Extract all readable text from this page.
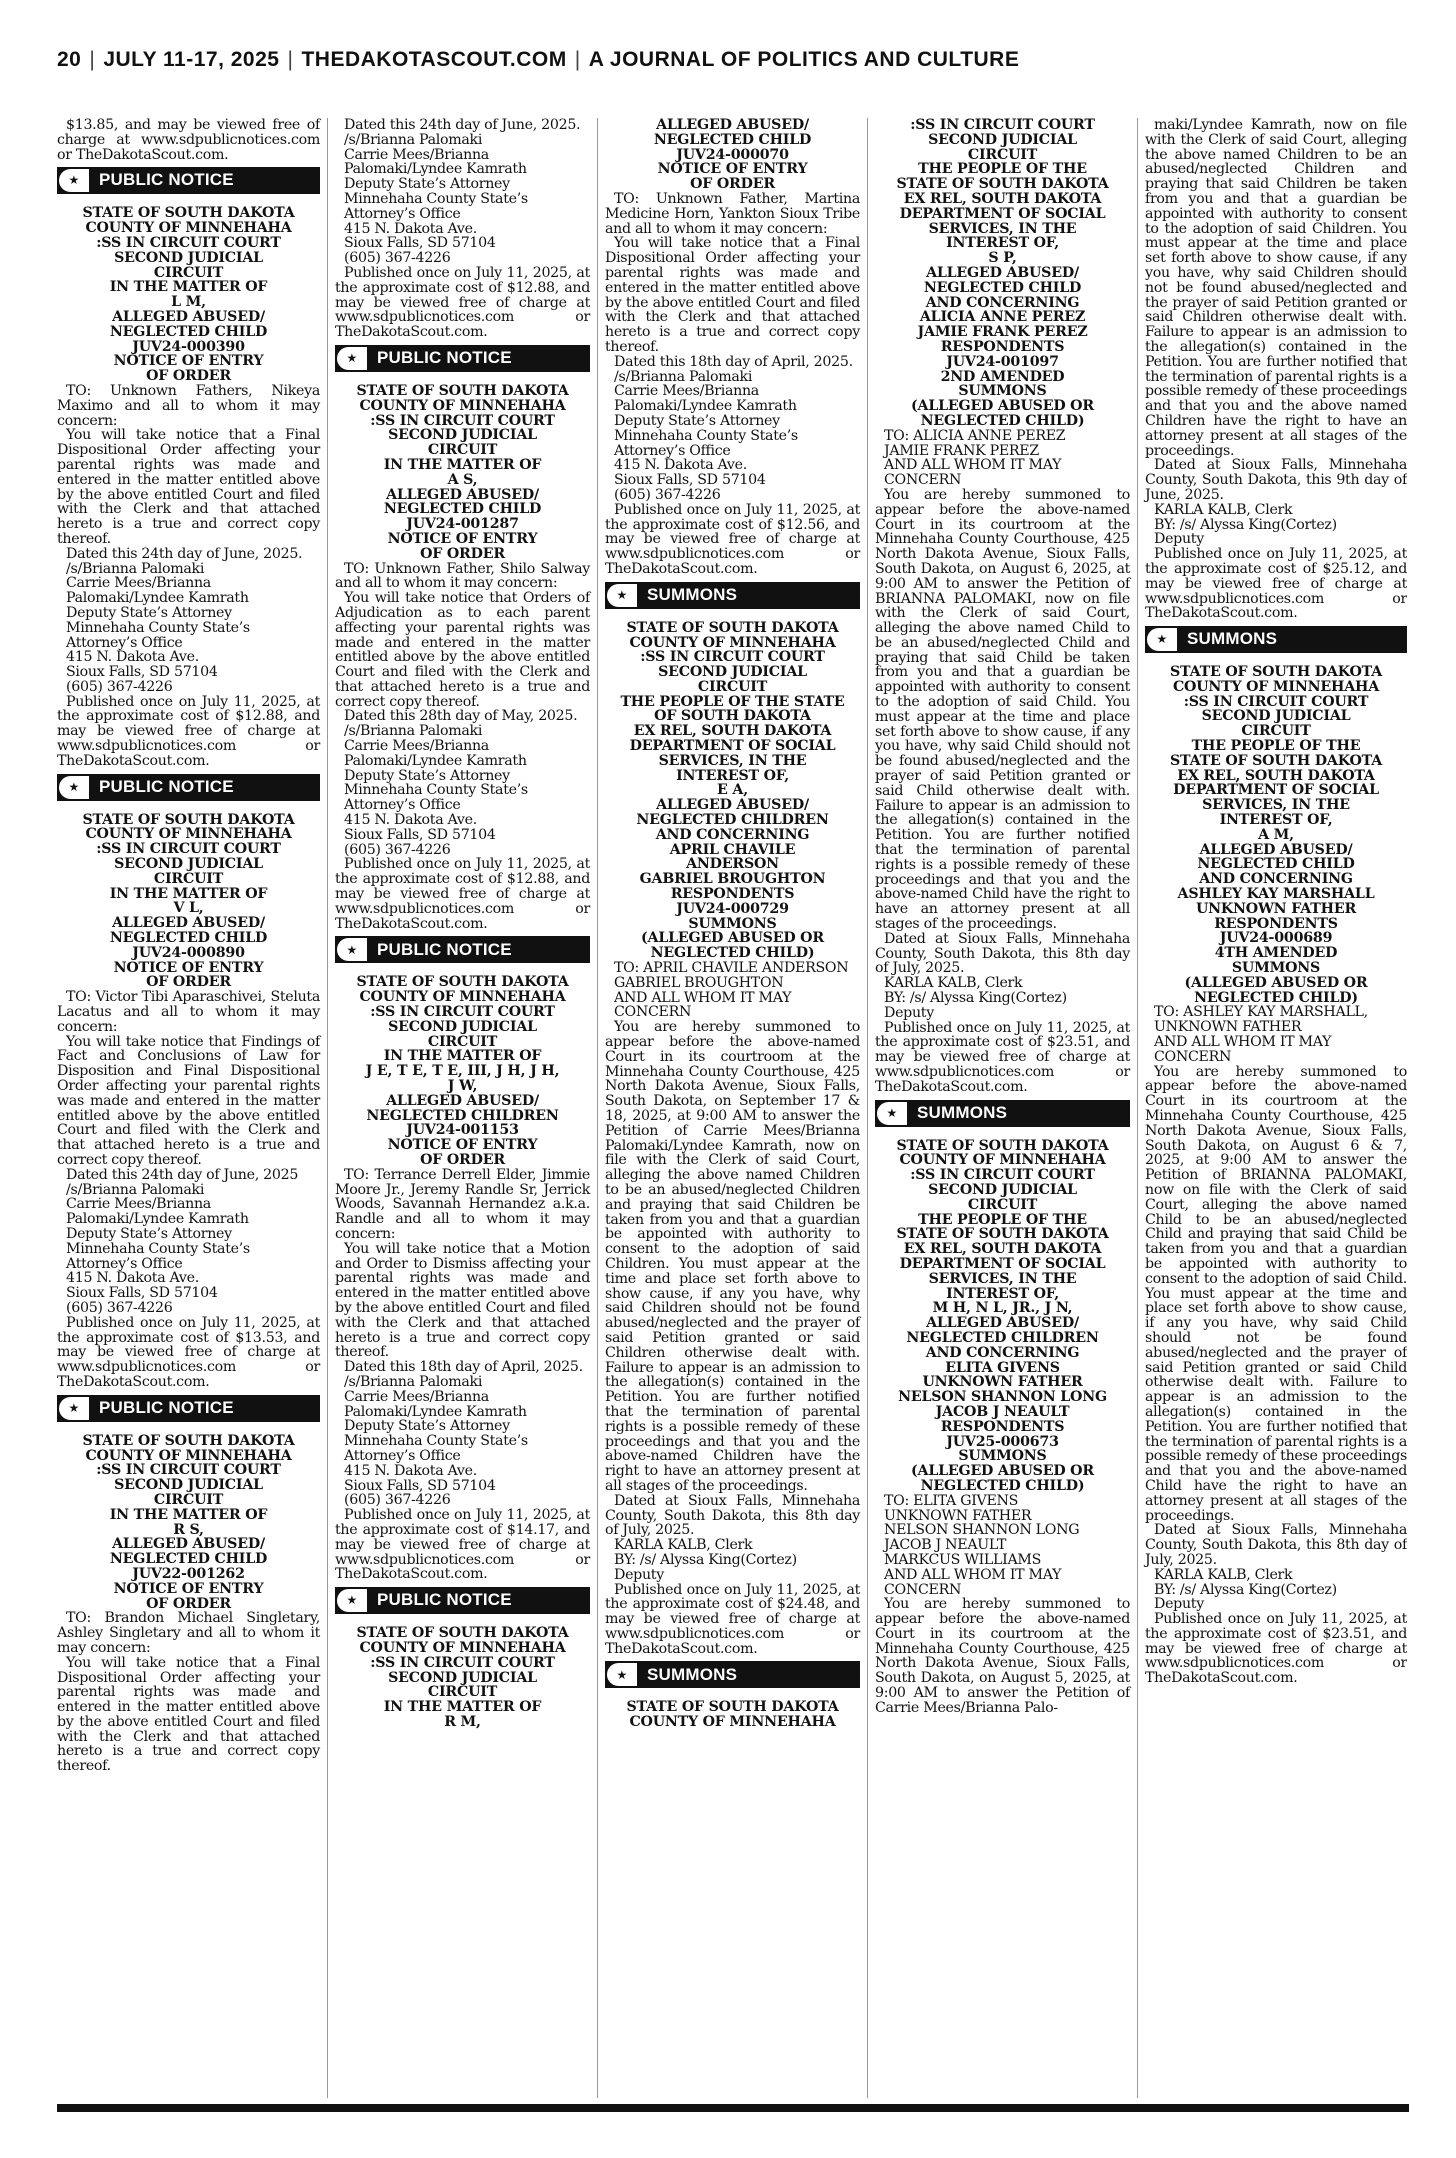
20 | JULY 11-17, 2025 | THEDAKOTASCOUT.COM | A JOURNAL OF POLITICS AND CULTURE
$13.85, and may be viewed free of charge at www.sdpublicnotices.com or TheDakotaScout.com.
★	PUBLIC NOTICE
STATE OF SOUTH DAKOTA
COUNTY OF MINNEHAHA
:SS IN CIRCUIT COURT
SECOND JUDICIAL
CIRCUIT
IN THE MATTER OF
L M,
ALLEGED ABUSED/
NEGLECTED CHILD
JUV24-000390
NOTICE OF ENTRY
OF ORDER
TO: Unknown Fathers, Nikeya Maximo and all to whom it may concern:
You will take notice that a Final Dispositional Order affecting your parental rights was made and entered in the matter entitled above by the above entitled Court and filed with the Clerk and that attached hereto is a true and correct copy thereof.
Dated this 24th day of June, 2025.
/s/Brianna Palomaki
Carrie Mees/Brianna Palomaki/Lyndee Kamrath
Deputy State’s Attorney
Minnehaha County State’s Attorney’s Office
415 N. Dakota Ave.
Sioux Falls, SD 57104
(605) 367-4226
Published once on July 11, 2025, at the approximate cost of $12.88, and may be viewed free of charge at www.sdpublicnotices.com or TheDakotaScout.com.
★	PUBLIC NOTICE
STATE OF SOUTH DAKOTA
COUNTY OF MINNEHAHA
:SS IN CIRCUIT COURT
SECOND JUDICIAL
CIRCUIT
IN THE MATTER OF
V L,
ALLEGED ABUSED/
NEGLECTED CHILD
JUV24-000890
NOTICE OF ENTRY
OF ORDER
TO: Victor Tibi Aparaschivei, Steluta Lacatus and all to whom it may concern:
You will take notice that Findings of Fact and Conclusions of Law for Disposition and Final Dispositional Order affecting your parental rights was made and entered in the matter entitled above by the above entitled Court and filed with the Clerk and that attached hereto is a true and correct copy thereof.
Dated this 24th day of June, 2025
/s/Brianna Palomaki
Carrie Mees/Brianna Palomaki/Lyndee Kamrath
Deputy State’s Attorney
Minnehaha County State’s Attorney’s Office
415 N. Dakota Ave.
Sioux Falls, SD 57104
(605) 367-4226
Published once on July 11, 2025, at the approximate cost of $13.53, and may be viewed free of charge at www.sdpublicnotices.com or TheDakotaScout.com.
★	PUBLIC NOTICE
STATE OF SOUTH DAKOTA
COUNTY OF MINNEHAHA
:SS IN CIRCUIT COURT
SECOND JUDICIAL
CIRCUIT
IN THE MATTER OF
R S,
ALLEGED ABUSED/
NEGLECTED CHILD
JUV22-001262
NOTICE OF ENTRY
OF ORDER
TO: Brandon Michael Singletary, Ashley Singletary and all to whom it may concern:
You will take notice that a Final Dispositional Order affecting your parental rights was made and entered in the matter entitled above by the above entitled Court and filed with the Clerk and that attached hereto is a true and correct copy thereof.
Dated this 24th day of June, 2025.
/s/Brianna Palomaki
Carrie Mees/Brianna Palomaki/Lyndee Kamrath
Deputy State’s Attorney
Minnehaha County State’s Attorney’s Office
415 N. Dakota Ave.
Sioux Falls, SD 57104
(605) 367-4226
Published once on July 11, 2025, at the approximate cost of $12.88, and may be viewed free of charge at www.sdpublicnotices.com or TheDakotaScout.com.
★	PUBLIC NOTICE
STATE OF SOUTH DAKOTA
COUNTY OF MINNEHAHA
:SS IN CIRCUIT COURT
SECOND JUDICIAL
CIRCUIT
IN THE MATTER OF
A S,
ALLEGED ABUSED/
NEGLECTED CHILD
JUV24-001287
NOTICE OF ENTRY
OF ORDER
TO: Unknown Father, Shilo Salway and all to whom it may concern:
You will take notice that Orders of Adjudication as to each parent affecting your parental rights was made and entered in the matter entitled above by the above entitled Court and filed with the Clerk and that attached hereto is a true and correct copy thereof.
Dated this 28th day of May, 2025.
/s/Brianna Palomaki
Carrie Mees/Brianna Palomaki/Lyndee Kamrath
Deputy State’s Attorney
Minnehaha County State’s Attorney’s Office
415 N. Dakota Ave.
Sioux Falls, SD 57104
(605) 367-4226
Published once on July 11, 2025, at the approximate cost of $12.88, and may be viewed free of charge at www.sdpublicnotices.com or TheDakotaScout.com.
★	PUBLIC NOTICE
STATE OF SOUTH DAKOTA
COUNTY OF MINNEHAHA
:SS IN CIRCUIT COURT
SECOND JUDICIAL
CIRCUIT
IN THE MATTER OF
J E, T E, T E, III, J H, J H,
J W,
ALLEGED ABUSED/
NEGLECTED CHILDREN
JUV24-001153
NOTICE OF ENTRY
OF ORDER
TO: Terrance Derrell Elder, Jimmie Moore Jr., Jeremy Randle Sr, Jerrick Woods, Savannah Hernandez a.k.a. Randle and all to whom it may concern:
You will take notice that a Motion and Order to Dismiss affecting your parental rights was made and entered in the matter entitled above by the above entitled Court and filed with the Clerk and that attached hereto is a true and correct copy thereof.
Dated this 18th day of April, 2025.
/s/Brianna Palomaki
Carrie Mees/Brianna Palomaki/Lyndee Kamrath
Deputy State’s Attorney
Minnehaha County State’s Attorney’s Office
415 N. Dakota Ave.
Sioux Falls, SD 57104
(605) 367-4226
Published once on July 11, 2025, at the approximate cost of $14.17, and may be viewed free of charge at www.sdpublicnotices.com or TheDakotaScout.com.
★	PUBLIC NOTICE
STATE OF SOUTH DAKOTA
COUNTY OF MINNEHAHA
:SS IN CIRCUIT COURT
SECOND JUDICIAL
CIRCUIT
IN THE MATTER OF
R M,
ALLEGED ABUSED/
NEGLECTED CHILD
JUV24-000070
NOTICE OF ENTRY
OF ORDER
TO: Unknown Father, Martina Medicine Horn, Yankton Sioux Tribe and all to whom it may concern:
You will take notice that a Final Dispositional Order affecting your parental rights was made and entered in the matter entitled above by the above entitled Court and filed with the Clerk and that attached hereto is a true and correct copy thereof.
Dated this 18th day of April, 2025.
/s/Brianna Palomaki
Carrie Mees/Brianna Palomaki/Lyndee Kamrath
Deputy State’s Attorney
Minnehaha County State’s Attorney’s Office
415 N. Dakota Ave.
Sioux Falls, SD 57104
(605) 367-4226
Published once on July 11, 2025, at the approximate cost of $12.56, and may be viewed free of charge at www.sdpublicnotices.com or TheDakotaScout.com.
★	SUMMONS
STATE OF SOUTH DAKOTA
COUNTY OF MINNEHAHA
:SS IN CIRCUIT COURT
SECOND JUDICIAL
CIRCUIT
THE PEOPLE OF THE STATE
OF SOUTH DAKOTA
EX REL, SOUTH DAKOTA
DEPARTMENT OF SOCIAL
SERVICES, IN THE
INTEREST OF,
E A,
ALLEGED ABUSED/
NEGLECTED CHILDREN
AND CONCERNING
APRIL CHAVILE
ANDERSON
GABRIEL BROUGHTON
RESPONDENTS
JUV24-000729
SUMMONS
(ALLEGED ABUSED OR
NEGLECTED CHILD)
TO: APRIL CHAVILE ANDERSON
GABRIEL BROUGHTON
AND ALL WHOM IT MAY CONCERN
You are hereby summoned to appear before the above-named Court in its courtroom at the Minnehaha County Courthouse, 425 North Dakota Avenue, Sioux Falls, South Dakota, on September 17 & 18, 2025, at 9:00 AM to answer the Petition of Carrie Mees/Brianna Palomaki/Lyndee Kamrath, now on file with the Clerk of said Court, alleging the above named Children to be an abused/neglected Children and praying that said Children be taken from you and that a guardian be appointed with authority to consent to the adoption of said Children. You must appear at the time and place set forth above to show cause, if any you have, why said Children should not be found abused/neglected and the prayer of said Petition granted or said Children otherwise dealt with. Failure to appear is an admission to the allegation(s) contained in the Petition. You are further notified that the termination of parental rights is a possible remedy of these proceedings and that you and the above-named Children have the right to have an attorney present at all stages of the proceedings.
Dated at Sioux Falls, Minnehaha County, South Dakota, this 8th day of July, 2025.
KARLA KALB, Clerk
BY: /s/ Alyssa King(Cortez)
Deputy
Published once on July 11, 2025, at the approximate cost of $24.48, and may be viewed free of charge at www.sdpublicnotices.com or TheDakotaScout.com.
★	SUMMONS
STATE OF SOUTH DAKOTA
COUNTY OF MINNEHAHA
:SS IN CIRCUIT COURT
SECOND JUDICIAL
CIRCUIT
THE PEOPLE OF THE
STATE OF SOUTH DAKOTA
EX REL, SOUTH DAKOTA
DEPARTMENT OF SOCIAL
SERVICES, IN THE
INTEREST OF,
S P,
ALLEGED ABUSED/
NEGLECTED CHILD
AND CONCERNING
ALICIA ANNE PEREZ
JAMIE FRANK PEREZ
RESPONDENTS
JUV24-001097
2ND AMENDED
SUMMONS
(ALLEGED ABUSED OR
NEGLECTED CHILD)
TO: ALICIA ANNE PEREZ
JAMIE FRANK PEREZ
AND ALL WHOM IT MAY CONCERN
You are hereby summoned to appear before the above-named Court in its courtroom at the Minnehaha County Courthouse, 425 North Dakota Avenue, Sioux Falls, South Dakota, on August 6, 2025, at 9:00 AM to answer the Petition of BRIANNA PALOMAKI, now on file with the Clerk of said Court, alleging the above named Child to be an abused/neglected Child and praying that said Child be taken from you and that a guardian be appointed with authority to consent to the adoption of said Child. You must appear at the time and place set forth above to show cause, if any you have, why said Child should not be found abused/neglected and the prayer of said Petition granted or said Child otherwise dealt with. Failure to appear is an admission to the allegation(s) contained in the Petition. You are further notified that the termination of parental rights is a possible remedy of these proceedings and that you and the above-named Child have the right to have an attorney present at all stages of the proceedings.
Dated at Sioux Falls, Minnehaha County, South Dakota, this 8th day of July, 2025.
KARLA KALB, Clerk
BY: /s/ Alyssa King(Cortez)
Deputy
Published once on July 11, 2025, at the approximate cost of $23.51, and may be viewed free of charge at www.sdpublicnotices.com or TheDakotaScout.com.
★	SUMMONS
STATE OF SOUTH DAKOTA
COUNTY OF MINNEHAHA
:SS IN CIRCUIT COURT
SECOND JUDICIAL
CIRCUIT
THE PEOPLE OF THE
STATE OF SOUTH DAKOTA
EX REL, SOUTH DAKOTA
DEPARTMENT OF SOCIAL
SERVICES, IN THE
INTEREST OF,
M H, N L, JR., J N,
ALLEGED ABUSED/
NEGLECTED CHILDREN
AND CONCERNING
ELITA GIVENS
UNKNOWN FATHER
NELSON SHANNON LONG
JACOB J NEAULT
RESPONDENTS
JUV25-000673
SUMMONS
(ALLEGED ABUSED OR
NEGLECTED CHILD)
TO: ELITA GIVENS
UNKNOWN FATHER
NELSON SHANNON LONG
JACOB J NEAULT
MARKCUS WILLIAMS
AND ALL WHOM IT MAY CONCERN
You are hereby summoned to appear before the above-named Court in its courtroom at the Minnehaha County Courthouse, 425 North Dakota Avenue, Sioux Falls, South Dakota, on August 5, 2025, at 9:00 AM to answer the Petition of Carrie Mees/Brianna Palo-
maki/Lyndee Kamrath, now on file with the Clerk of said Court, alleging the above named Children to be an abused/neglected Children and praying that said Children be taken from you and that a guardian be appointed with authority to consent to the adoption of said Children. You must appear at the time and place set forth above to show cause, if any you have, why said Children should not be found abused/neglected and the prayer of said Petition granted or said Children otherwise dealt with. Failure to appear is an admission to the allegation(s) contained in the Petition. You are further notified that the termination of parental rights is a possible remedy of these proceedings and that you and the above named Children have the right to have an attorney present at all stages of the proceedings.
Dated at Sioux Falls, Minnehaha County, South Dakota, this 9th day of June, 2025.
KARLA KALB, Clerk
BY: /s/ Alyssa King(Cortez)
Deputy
Published once on July 11, 2025, at the approximate cost of $25.12, and may be viewed free of charge at www.sdpublicnotices.com or TheDakotaScout.com.
★	SUMMONS
STATE OF SOUTH DAKOTA
COUNTY OF MINNEHAHA
:SS IN CIRCUIT COURT
SECOND JUDICIAL
CIRCUIT
THE PEOPLE OF THE
STATE OF SOUTH DAKOTA
EX REL, SOUTH DAKOTA
DEPARTMENT OF SOCIAL
SERVICES, IN THE
INTEREST OF,
A M,
ALLEGED ABUSED/
NEGLECTED CHILD
AND CONCERNING
ASHLEY KAY MARSHALL
UNKNOWN FATHER
RESPONDENTS
JUV24-000689
4TH AMENDED
SUMMONS
(ALLEGED ABUSED OR
NEGLECTED CHILD)
TO: ASHLEY KAY MARSHALL, UNKNOWN FATHER
AND ALL WHOM IT MAY CONCERN
You are hereby summoned to appear before the above-named Court in its courtroom at the Minnehaha County Courthouse, 425 North Dakota Avenue, Sioux Falls, South Dakota, on August 6 & 7, 2025, at 9:00 AM to answer the Petition of BRIANNA PALOMAKI, now on file with the Clerk of said Court, alleging the above named Child to be an abused/neglected Child and praying that said Child be taken from you and that a guardian be appointed with authority to consent to the adoption of said Child. You must appear at the time and place set forth above to show cause, if any you have, why said Child should not be found abused/neglected and the prayer of said Petition granted or said Child otherwise dealt with. Failure to appear is an admission to the allegation(s) contained in the Petition. You are further notified that the termination of parental rights is a possible remedy of these proceedings and that you and the above-named Child have the right to have an attorney present at all stages of the proceedings.
Dated at Sioux Falls, Minnehaha County, South Dakota, this 8th day of July, 2025.
KARLA KALB, Clerk
BY: /s/ Alyssa King(Cortez)
Deputy
Published once on July 11, 2025, at the approximate cost of $23.51, and may be viewed free of charge at www.sdpublicnotices.com or TheDakotaScout.com.
